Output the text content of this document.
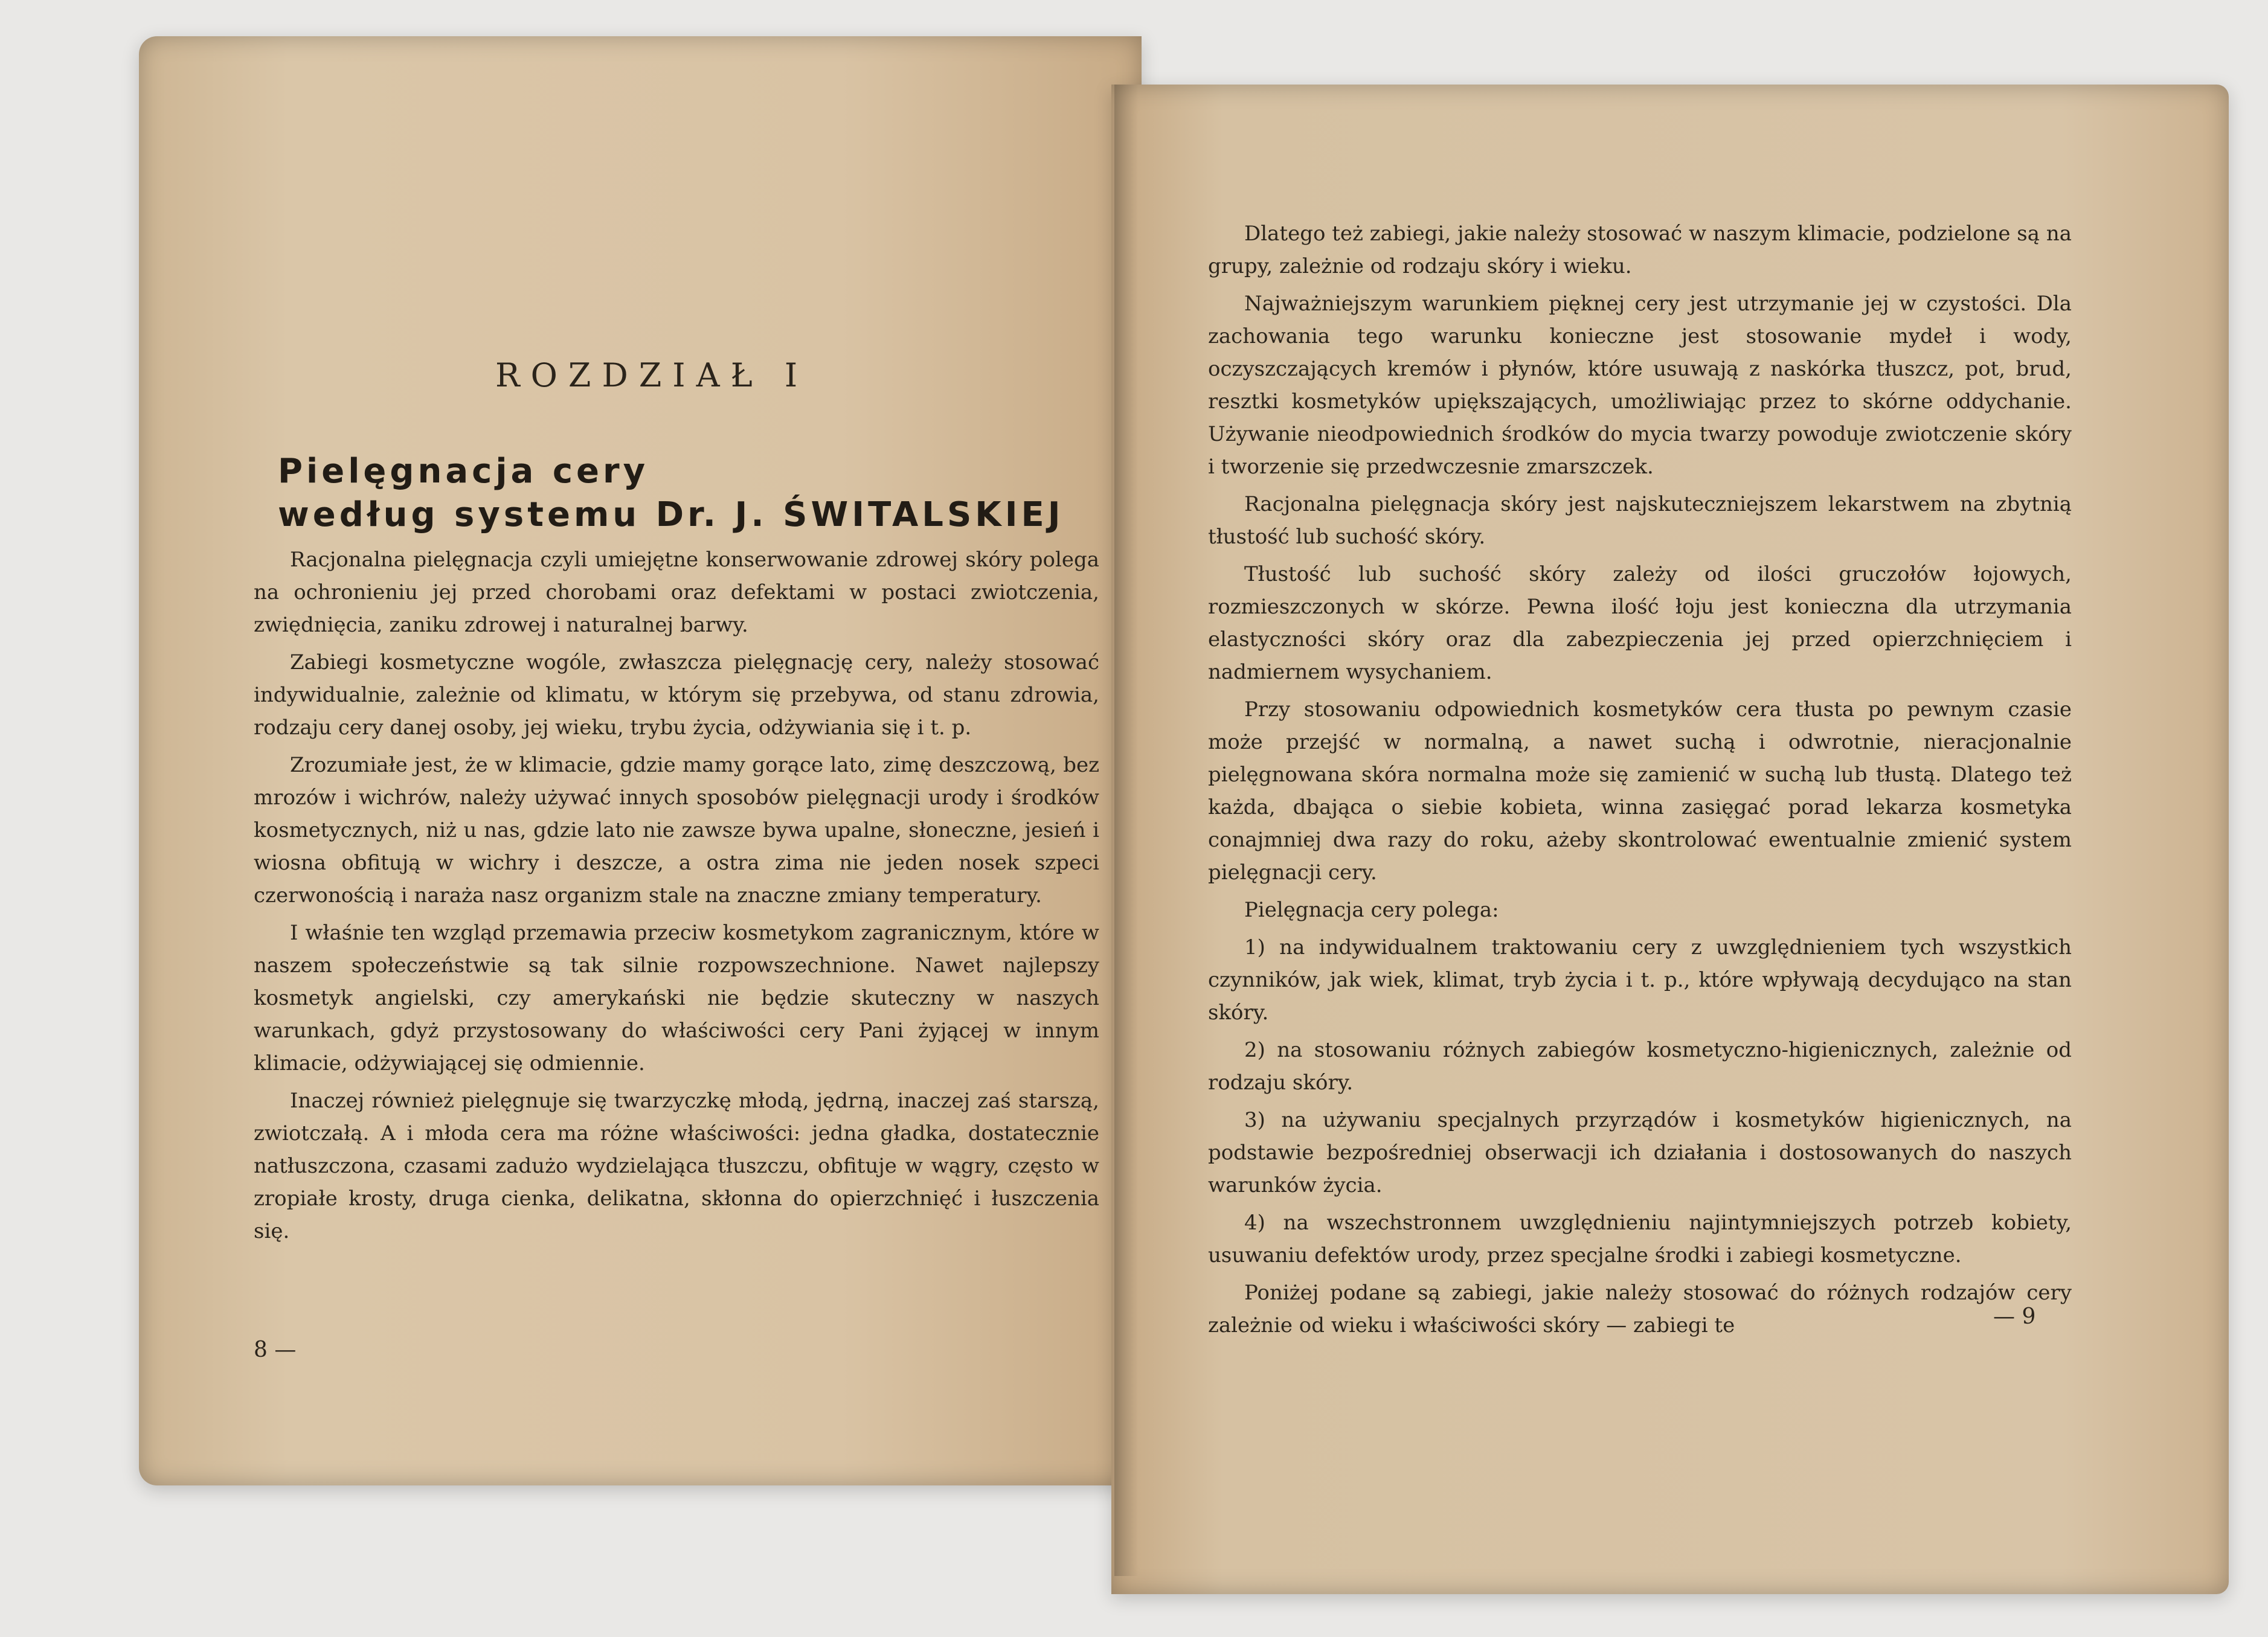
ROZDZIAŁ I
Pielęgnacja cery
według systemu Dr. J. ŚWITALSKIEJ

Racjonalna pielęgnacja czyli umiejętne konserwowanie zdrowej skóry polega na ochronieniu jej przed chorobami oraz defektami w postaci zwiotczenia, zwiędnięcia, zaniku zdrowej i naturalnej barwy.

Zabiegi kosmetyczne wogóle, zwłaszcza pielęgnację cery, należy stosować indywidualnie, zależnie od klimatu, w którym się przebywa, od stanu zdrowia, rodzaju cery danej osoby, jej wieku, trybu życia, odżywiania się i t. p.

Zrozumiałe jest, że w klimacie, gdzie mamy gorące lato, zimę deszczową, bez mrozów i wichrów, należy używać innych sposobów pielęgnacji urody i środków kosmetycznych, niż u nas, gdzie lato nie zawsze bywa upalne, słoneczne, jesień i wiosna obfitują w wichry i deszcze, a ostra zima nie jeden nosek szpeci czerwonością i naraża nasz organizm stale na znaczne zmiany temperatury.

I właśnie ten wzgląd przemawia przeciw kosmetykom zagranicznym, które w naszem społeczeństwie są tak silnie rozpowszechnione. Nawet najlepszy kosmetyk angielski, czy amerykański nie będzie skuteczny w naszych warunkach, gdyż przystosowany do właściwości cery Pani żyjącej w innym klimacie, odżywiającej się odmiennie.

Inaczej również pielęgnuje się twarzyczkę młodą, jędrną, inaczej zaś starszą, zwiotczałą. A i młoda cera ma różne właściwości: jedna gładka, dostatecznie natłuszczona, czasami zadużo wydzielająca tłuszczu, obfituje w wągry, często w zropiałe krosty, druga cienka, delikatna, skłonna do opierzchnięć i łuszczenia się.

8 —

Dlatego też zabiegi, jakie należy stosować w naszym klimacie, podzielone są na grupy, zależnie od rodzaju skóry i wieku.

Najważniejszym warunkiem pięknej cery jest utrzymanie jej w czystości. Dla zachowania tego warunku konieczne jest stosowanie mydeł i wody, oczyszczających kremów i płynów, które usuwają z naskórka tłuszcz, pot, brud, resztki kosmetyków upiększających, umożliwiając przez to skórne oddychanie. Używanie nieodpowiednich środków do mycia twarzy powoduje zwiotczenie skóry i tworzenie się przedwczesnie zmarszczek.

Racjonalna pielęgnacja skóry jest najskuteczniejszem lekarstwem na zbytnią tłustość lub suchość skóry.

Tłustość lub suchość skóry zależy od ilości gruczołów łojowych, rozmieszczonych w skórze. Pewna ilość łoju jest konieczna dla utrzymania elastyczności skóry oraz dla zabezpieczenia jej przed opierzchnięciem i nadmiernem wysychaniem.

Przy stosowaniu odpowiednich kosmetyków cera tłusta po pewnym czasie może przejść w normalną, a nawet suchą i odwrotnie, nieracjonalnie pielęgnowana skóra normalna może się zamienić w suchą lub tłustą. Dlatego też każda, dbająca o siebie kobieta, winna zasięgać porad lekarza kosmetyka conajmniej dwa razy do roku, ażeby skontrolować ewentualnie zmienić system pielęgnacji cery.

Pielęgnacja cery polega:

1) na indywidualnem traktowaniu cery z uwzględnieniem tych wszystkich czynników, jak wiek, klimat, tryb życia i t. p., które wpływają decydująco na stan skóry.

2) na stosowaniu różnych zabiegów kosmetyczno-higienicznych, zależnie od rodzaju skóry.

3) na używaniu specjalnych przyrządów i kosmetyków higienicznych, na podstawie bezpośredniej obserwacji ich działania i dostosowanych do naszych warunków życia.

4) na wszechstronnem uwzględnieniu najintymniejszych potrzeb kobiety, usuwaniu defektów urody, przez specjalne środki i zabiegi kosmetyczne.

Poniżej podane są zabiegi, jakie należy stosować do różnych rodzajów cery zależnie od wieku i właściwości skóry — zabiegi te	— 9
